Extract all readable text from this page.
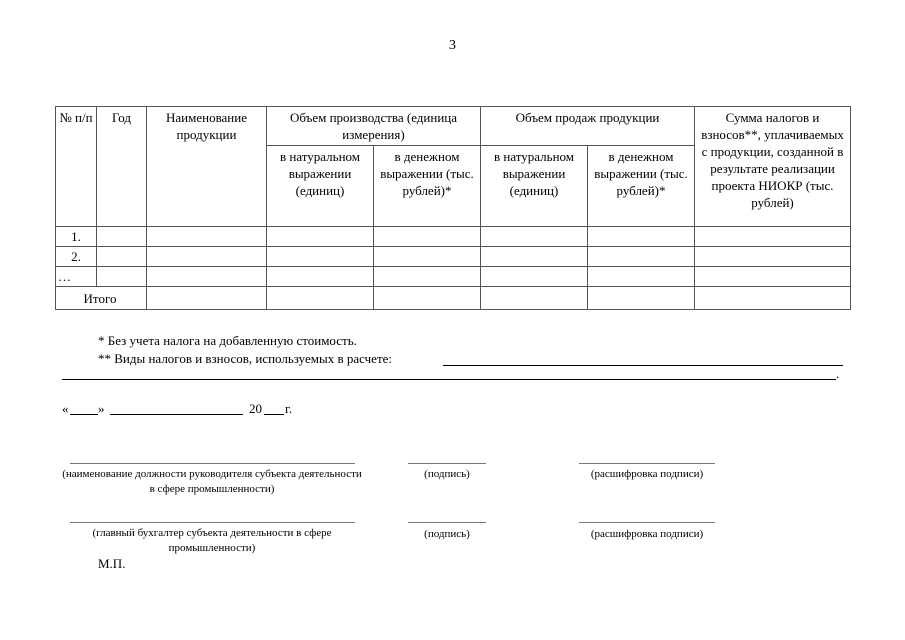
3
№ п/п	Год	Наименование продукции	Объем производства (единица измерения)		Объем продаж продукции		Сумма налогов и взносов**, уплачиваемых с продукции, созданной в результате реализации проекта НИОКР (тыс. рублей)
			в натуральном выражении (единиц)	в денежном выражении (тыс. рублей)*	в натуральном выражении (единиц)	в денежном выражении (тыс. рублей)*	
1.							
2.							
…							
Итого							
* Без учета налога на добавленную стоимость.
** Виды налогов и взносов, используемых в расчете:
.
« »	20 г.
(наименование должности руководителя субъекта деятельности в сфере промышленности)
(подпись)	(расшифровка подписи)
(главный бухгалтер субъекта деятельности в сфере промышленности)
(подпись)	(расшифровка подписи)
М.П.
